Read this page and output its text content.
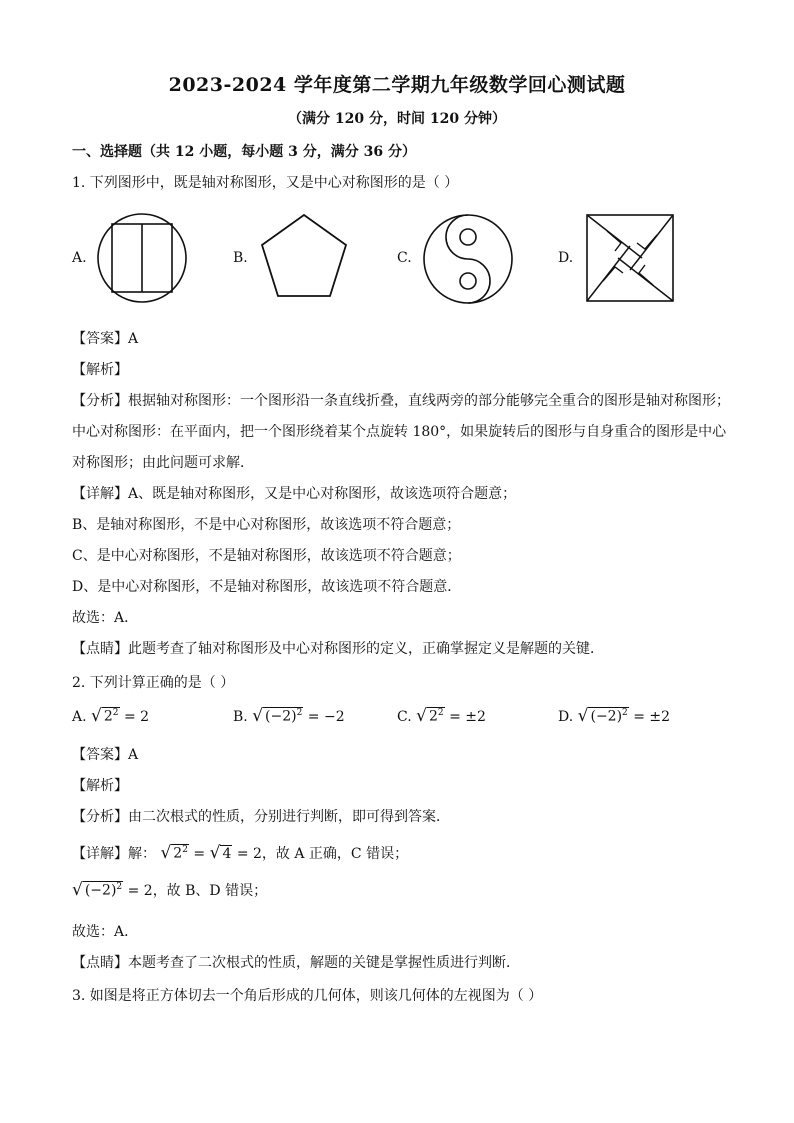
2023-2024 学年度第二学期九年级数学回心测试题
（满分 120 分，时间 120 分钟）
一、选择题（共 12 小题，每小题 3 分，满分 36 分）
1. 下列图形中，既是轴对称图形，又是中心对称图形的是（ ）
A.	B.	C.	D.
【答案】A
【解析】
【分析】根据轴对称图形：一个图形沿一条直线折叠，直线两旁的部分能够完全重合的图形是轴对称图形；
中心对称图形：在平面内，把一个图形绕着某个点旋转 180°，如果旋转后的图形与自身重合的图形是中心
对称图形；由此问题可求解．
【详解】A、既是轴对称图形，又是中心对称图形，故该选项符合题意；
B、是轴对称图形，不是中心对称图形，故该选项不符合题意；
C、是中心对称图形，不是轴对称图形，故该选项不符合题意；
D、是中心对称图形，不是轴对称图形，故该选项不符合题意．
故选：A．
【点睛】此题考查了轴对称图形及中心对称图形的定义，正确掌握定义是解题的关键．
2. 下列计算正确的是（ ）
A. √ $2^2 = 2$	B. √ $(-2)^2 = -2$	C. √ $2^2 = \pm 2$	D. √ $(-2)^2 = \pm 2$
【答案】A
【解析】
【分析】由二次根式的性质，分别进行判断，即可得到答案．
【详解】解： √ $2^2$ = √ 4 = 2，故 A 正确，C 错误；
√ $(-2)^2 = 2$，故 B、D 错误；
故选：A．
【点睛】本题考查了二次根式的性质，解题的关键是掌握性质进行判断．
3. 如图是将正方体切去一个角后形成的几何体，则该几何体的左视图为（ ）
